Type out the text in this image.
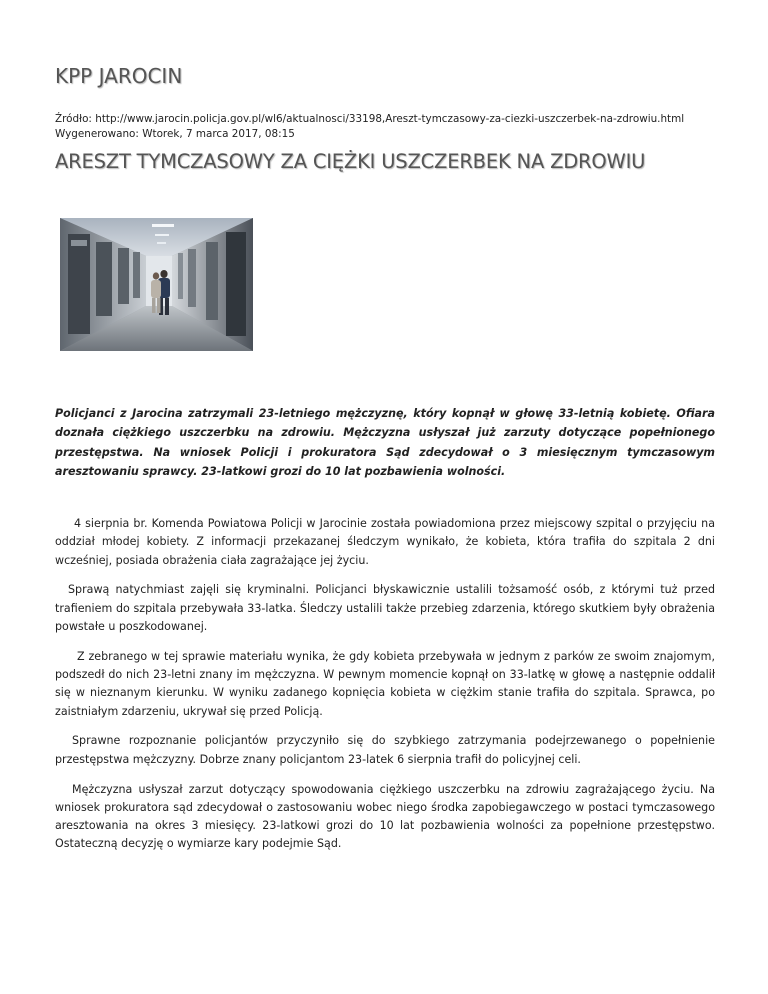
KPP JAROCIN
Źródło: http://www.jarocin.policja.gov.pl/wl6/aktualnosci/33198,Areszt-tymczasowy-za-ciezki-uszczerbek-na-zdrowiu.html
Wygenerowano: Wtorek, 7 marca 2017, 08:15
ARESZT TYMCZASOWY ZA CIĘŻKI USZCZERBEK NA ZDROWIU

Policjanci z Jarocina zatrzymali 23-letniego mężczyznę, który kopnął w głowę 33-letnią kobietę. Ofiara doznała ciężkiego uszczerbku na zdrowiu. Mężczyzna usłyszał już zarzuty dotyczące popełnionego przestępstwa. Na wniosek Policji i prokuratora Sąd zdecydował o 3 miesięcznym tymczasowym aresztowaniu sprawcy. 23-latkowi grozi do 10 lat pozbawienia wolności.

4 sierpnia br. Komenda Powiatowa Policji w Jarocinie została powiadomiona przez miejscowy szpital o przyjęciu na oddział młodej kobiety. Z informacji przekazanej śledczym wynikało, że kobieta, która trafiła do szpitala 2 dni wcześniej, posiada obrażenia ciała zagrażające jej życiu.

Sprawą natychmiast zajęli się kryminalni. Policjanci błyskawicznie ustalili tożsamość osób, z którymi tuż przed trafieniem do szpitala przebywała 33-latka. Śledczy ustalili także przebieg zdarzenia, którego skutkiem były obrażenia powstałe u poszkodowanej.

Z zebranego w tej sprawie materiału wynika, że gdy kobieta przebywała w jednym z parków ze swoim znajomym, podszedł do nich 23-letni znany im mężczyzna. W pewnym momencie kopnął on 33-latkę w głowę a następnie oddalił się w nieznanym kierunku. W wyniku zadanego kopnięcia kobieta w ciężkim stanie trafiła do szpitala. Sprawca, po zaistniałym zdarzeniu, ukrywał się przed Policją.

Sprawne rozpoznanie policjantów przyczyniło się do szybkiego zatrzymania podejrzewanego o popełnienie przestępstwa mężczyzny. Dobrze znany policjantom 23-latek 6 sierpnia trafił do policyjnej celi.

Mężczyzna usłyszał zarzut dotyczący spowodowania ciężkiego uszczerbku na zdrowiu zagrażającego życiu. Na wniosek prokuratora sąd zdecydował o zastosowaniu wobec niego środka zapobiegawczego w postaci tymczasowego aresztowania na okres 3 miesięcy. 23-latkowi grozi do 10 lat pozbawienia wolności za popełnione przestępstwo. Ostateczną decyzję o wymiarze kary podejmie Sąd.
